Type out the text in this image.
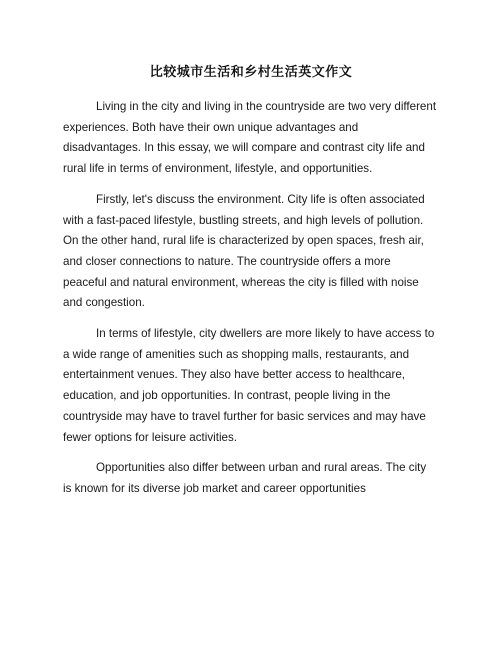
比较城市生活和乡村生活英文作文

Living in the city and living in the countryside are two very different experiences. Both have their own unique advantages and disadvantages. In this essay, we will compare and contrast city life and rural life in terms of environment, lifestyle, and opportunities.

Firstly, let's discuss the environment. City life is often associated with a fast-paced lifestyle, bustling streets, and high levels of pollution. On the other hand, rural life is characterized by open spaces, fresh air, and closer connections to nature. The countryside offers a more peaceful and natural environment, whereas the city is filled with noise and congestion.

In terms of lifestyle, city dwellers are more likely to have access to a wide range of amenities such as shopping malls, restaurants, and entertainment venues. They also have better access to healthcare, education, and job opportunities. In contrast, people living in the countryside may have to travel further for basic services and may have fewer options for leisure activities.

Opportunities also differ between urban and rural areas. The city is known for its diverse job market and career opportunities
